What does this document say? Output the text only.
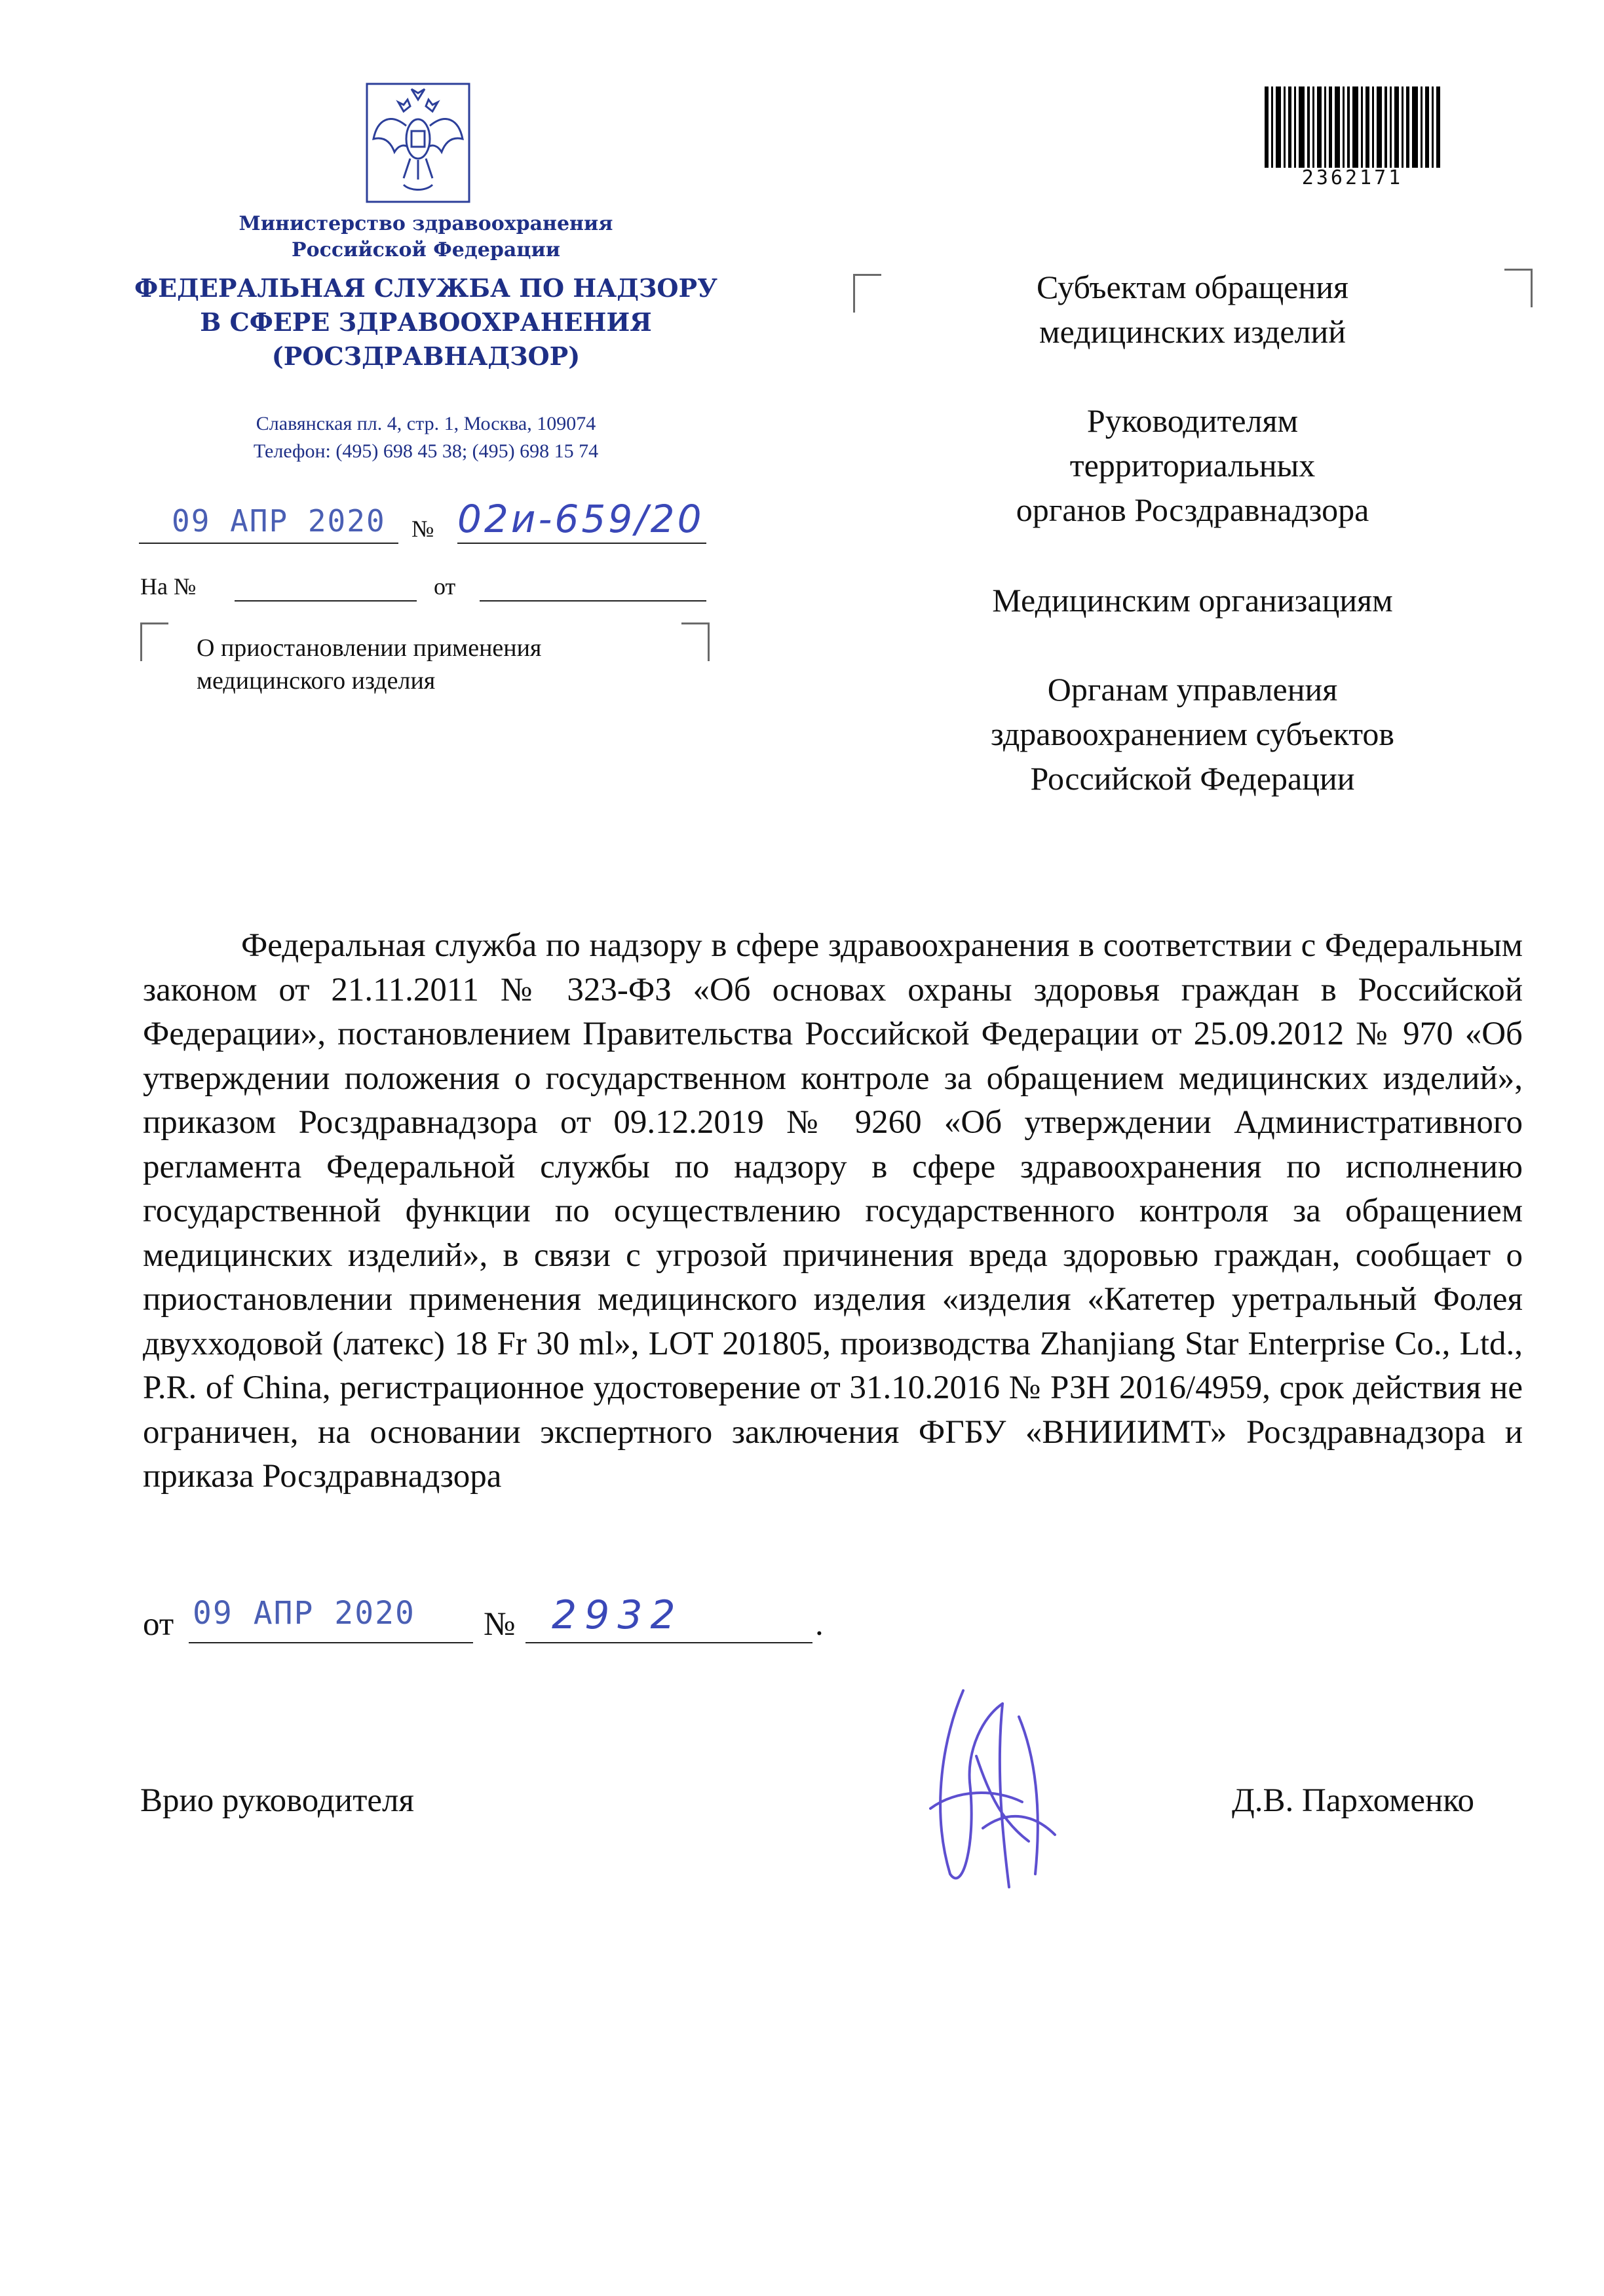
Министерство здравоохранения
Российской Федерации
ФЕДЕРАЛЬНАЯ СЛУЖБА ПО НАДЗОРУ
В СФЕРЕ ЗДРАВООХРАНЕНИЯ
(РОСЗДРАВНАДЗОР)
Славянская пл. 4, стр. 1, Москва, 109074
Телефон: (495) 698 45 38; (495) 698 15 74
09 АПР 2020 № 02и-659/20
На №	от
О приостановлении применения
медицинского изделия
2362171
Субъектам обращения
медицинских изделий
Руководителям
территориальных
органов Росздравнадзора
Медицинским организациям
Органам управления
здравоохранением субъектов
Российской Федерации
Федеральная служба по надзору в сфере здравоохранения в соответствии с Федеральным законом от 21.11.2011 № 323-ФЗ «Об основах охраны здоровья граждан в Российской Федерации», постановлением Правительства Российской Федерации от 25.09.2012 № 970 «Об утверждении положения о государственном контроле за обращением медицинских изделий», приказом Росздравнадзора от 09.12.2019 № 9260 «Об утверждении Административного регламента Федеральной службы по надзору в сфере здравоохранения по исполнению государственной функции по осуществлению государственного контроля за обращением медицинских изделий», в связи с угрозой причинения вреда здоровью граждан, сообщает о приостановлении применения медицинского изделия «изделия «Катетер уретральный Фолея двухходовой (латекс) 18 Fr 30 ml», LOT 201805, производства Zhanjiang Star Enterprise Co., Ltd., P.R. of China, регистрационное удостоверение от 31.10.2016 № РЗН 2016/4959, срок действия не ограничен, на основании экспертного заключения ФГБУ «ВНИИИМТ» Росздравнадзора и приказа Росздравнадзора
от 09 АПР 2020 № 2932	.
Врио руководителя	Д.В. Пархоменко
